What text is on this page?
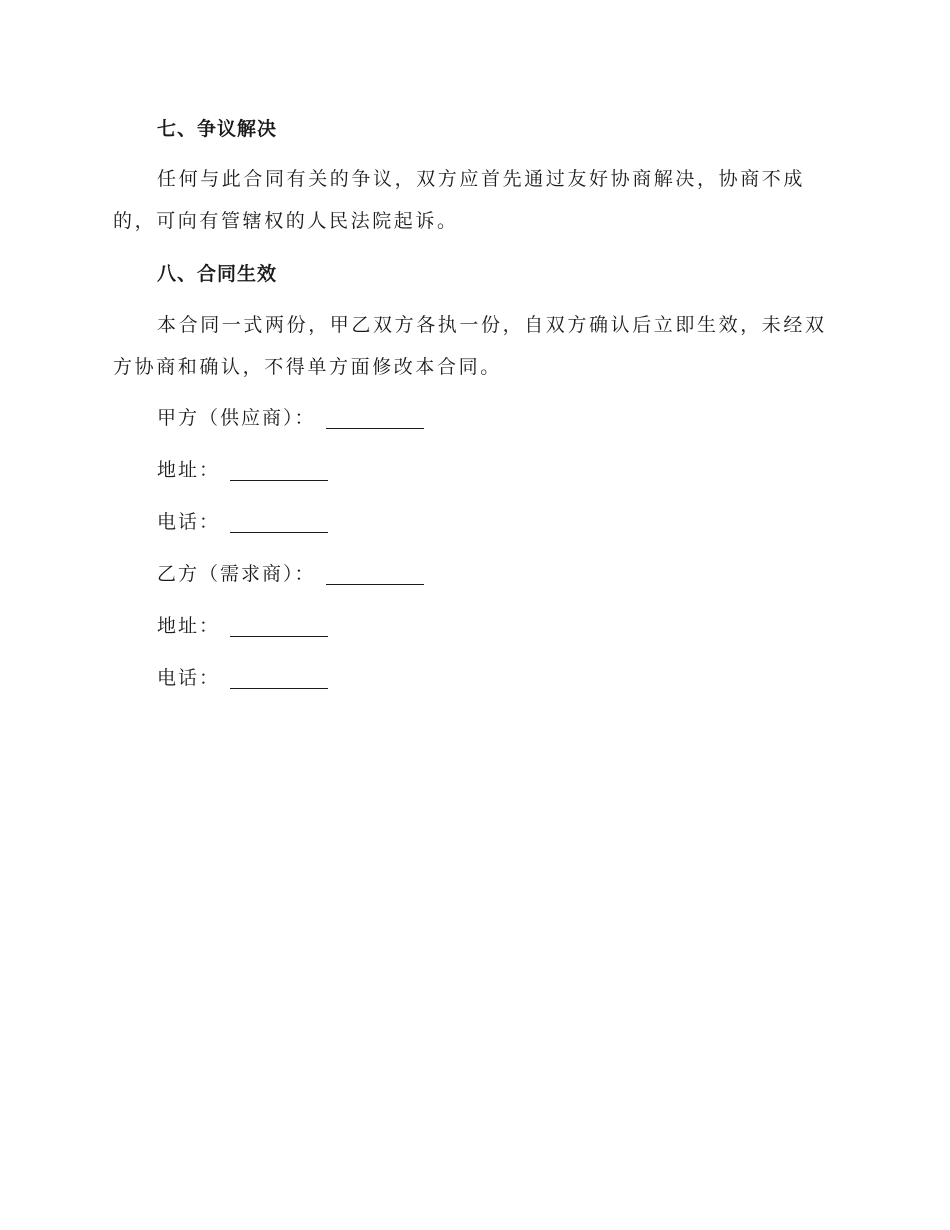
七、争议解决
任何与此合同有关的争议，双方应首先通过友好协商解决，协商不成的，可向有管辖权的人民法院起诉。
八、合同生效
本合同一式两份，甲乙双方各执一份，自双方确认后立即生效，未经双方协商和确认，不得单方面修改本合同。
甲方（供应商）：
地址：
电话：
乙方（需求商）：
地址：
电话：
